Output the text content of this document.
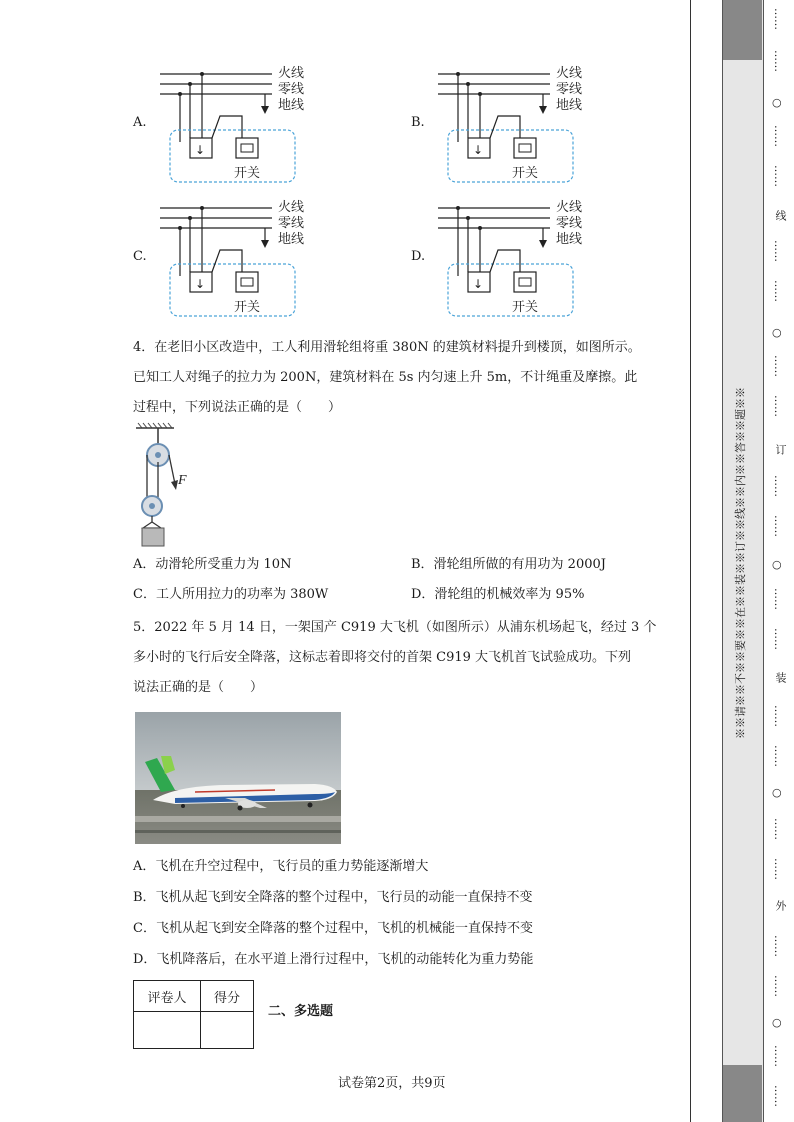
A.
↓
火线
零线
地线
开关
B.
↓
火线
零线
地线
开关
C.
↓
火线
零线
地线
开关
D.
↓
火线
零线
地线
开关
4．在老旧小区改造中，工人利用滑轮组将重 380N 的建筑材料提升到楼顶，如图所示。
已知工人对绳子的拉力为 200N，建筑材料在 5s 内匀速上升 5m，不计绳重及摩擦。此
过程中，下列说法正确的是（　　）
F
A．动滑轮所受重力为 10N	B．滑轮组所做的有用功为 2000J
C．工人所用拉力的功率为 380W	D．滑轮组的机械效率为 95%
5．2022 年 5 月 14 日，一架国产 C919 大飞机（如图所示）从浦东机场起飞，经过 3 个
多小时的飞行后安全降落，这标志着即将交付的首架 C919 大飞机首飞试验成功。下列
说法正确的是（　　）
A．飞机在升空过程中，飞行员的重力势能逐渐增大
B．飞机从起飞到安全降落的整个过程中，飞行员的动能一直保持不变
C．飞机从起飞到安全降落的整个过程中，飞机的机械能一直保持不变
D．飞机降落后，在水平道上滑行过程中，飞机的动能转化为重力势能
评卷人	得分

二、多选题
试卷第2页，共9页
※※请※※不※※要※※在※※装※※订※※线※※内※※答※※题※※
……
……
○
……
……
线
……
……
○
……
……
订
……
……
○
……
……
装
……
……
○
……
……
外
……
……
○
……
……
